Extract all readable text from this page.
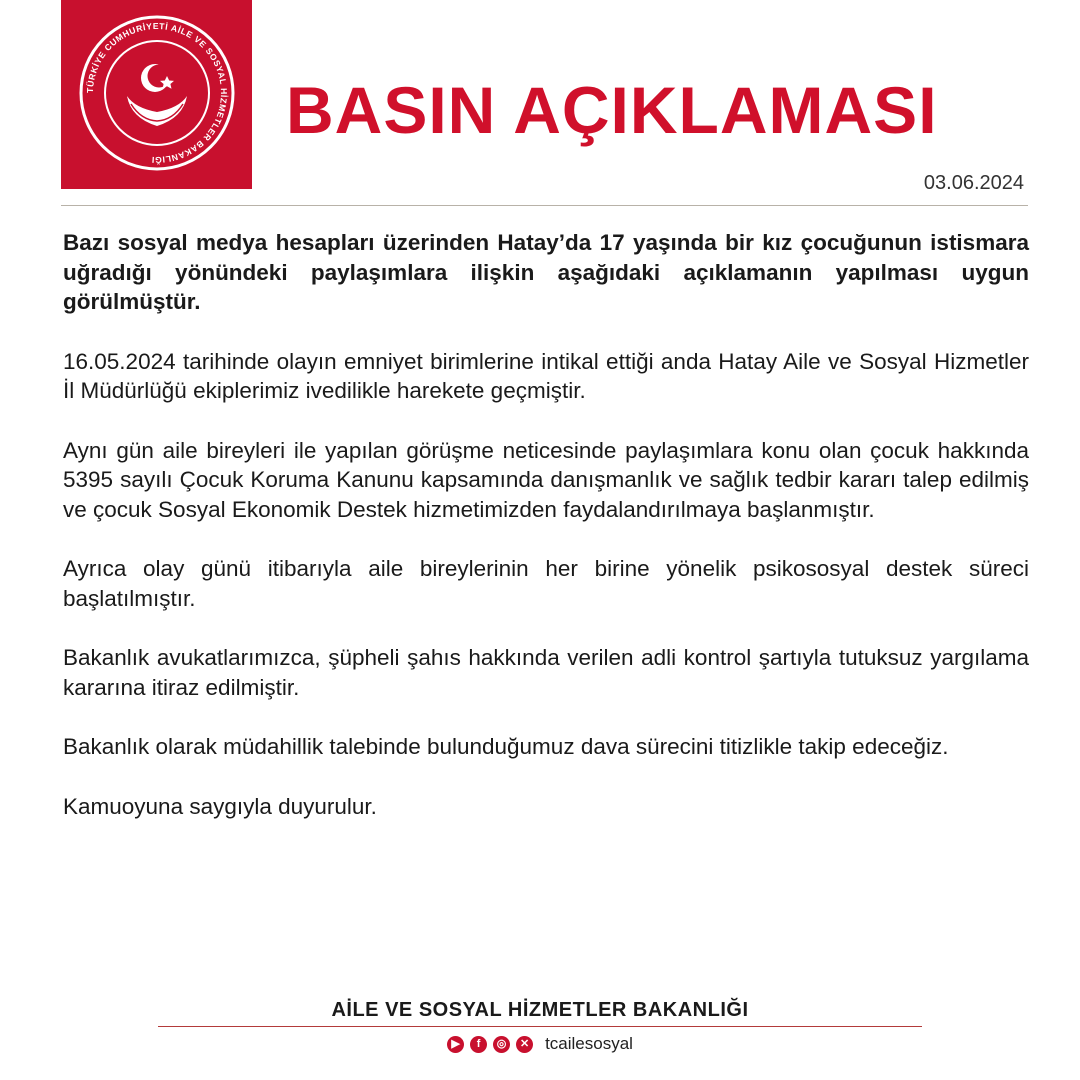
TÜRKİYE CUMHURİYETİ AİLE VE SOSYAL HİZMETLER BAKANLIĞI
BASIN AÇIKLAMASI
03.06.2024

Bazı sosyal medya hesapları üzerinden Hatay’da 17 yaşında bir kız çocuğunun istismara uğradığı yönündeki paylaşımlara ilişkin aşağıdaki açıklamanın yapılması uygun görülmüştür.

16.05.2024 tarihinde olayın emniyet birimlerine intikal ettiği anda Hatay Aile ve Sosyal Hizmetler İl Müdürlüğü ekiplerimiz ivedilikle harekete geçmiştir.

Aynı gün aile bireyleri ile yapılan görüşme neticesinde paylaşımlara konu olan çocuk hakkında 5395 sayılı Çocuk Koruma Kanunu kapsamında danışmanlık ve sağlık tedbir kararı talep edilmiş ve çocuk Sosyal Ekonomik Destek hizmetimizden faydalandırılmaya başlanmıştır.

Ayrıca olay günü itibarıyla aile bireylerinin her birine yönelik psikososyal destek süreci başlatılmıştır.

Bakanlık avukatlarımızca, şüpheli şahıs hakkında verilen adli kontrol şartıyla tutuksuz yargılama kararına itiraz edilmiştir.

Bakanlık olarak müdahillik talebinde bulunduğumuz dava sürecini titizlikle takip edeceğiz.

Kamuoyuna saygıyla duyurulur.

AİLE VE SOSYAL HİZMETLER BAKANLIĞI
▶	f	◎	✕ tcailesosyal
